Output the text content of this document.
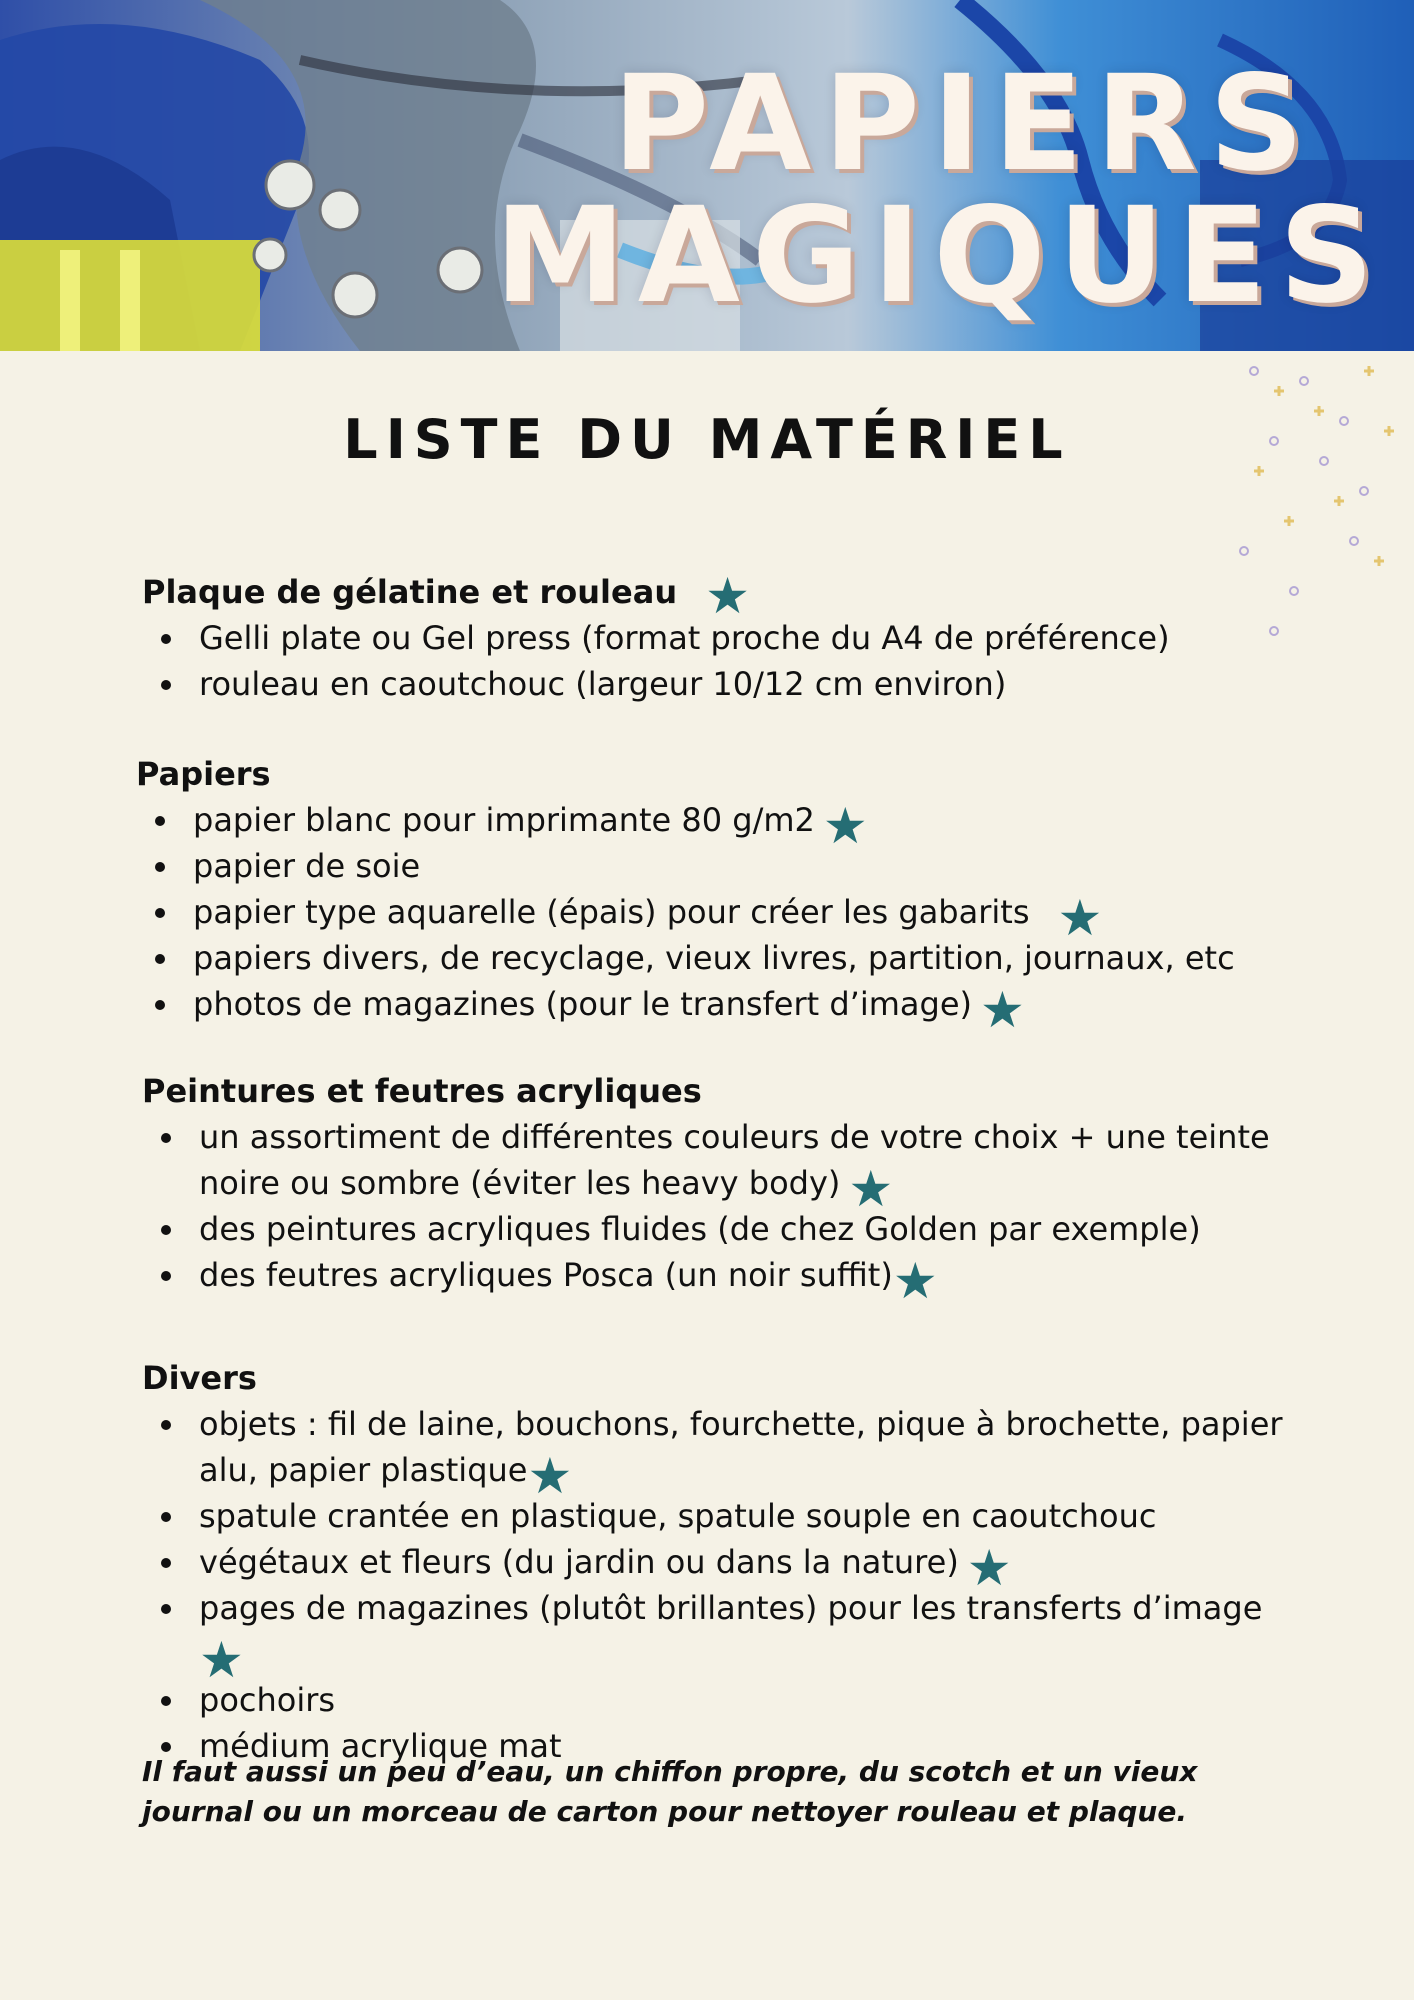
PAPIERS
MAGIQUES
LISTE DU MATÉRIEL
Plaque de gélatine et rouleau ★
Gelli plate ou Gel press (format proche du A4 de préférence)
rouleau en caoutchouc (largeur 10/12 cm environ)
Papiers
papier blanc pour imprimante 80 g/m2 ★
papier de soie
papier type aquarelle (épais) pour créer les gabarits ★
papiers divers, de recyclage, vieux livres, partition, journaux, etc
photos de magazines (pour le transfert d’image) ★
Peintures et feutres acryliques
un assortiment de différentes couleurs de votre choix + une teinte noire ou sombre (éviter les heavy body) ★
des peintures acryliques fluides (de chez Golden par exemple)
des feutres acryliques Posca (un noir suffit)★
Divers
objets : fil de laine, bouchons, fourchette, pique à brochette, papier alu, papier plastique★
spatule crantée en plastique, spatule souple en caoutchouc
végétaux et fleurs (du jardin ou dans la nature) ★
pages de magazines (plutôt brillantes) pour les transferts d’image★
pochoirs
médium acrylique mat

Il faut aussi un peu d’eau, un chiffon propre, du scotch et un vieux journal ou un morceau de carton pour nettoyer rouleau et plaque.
